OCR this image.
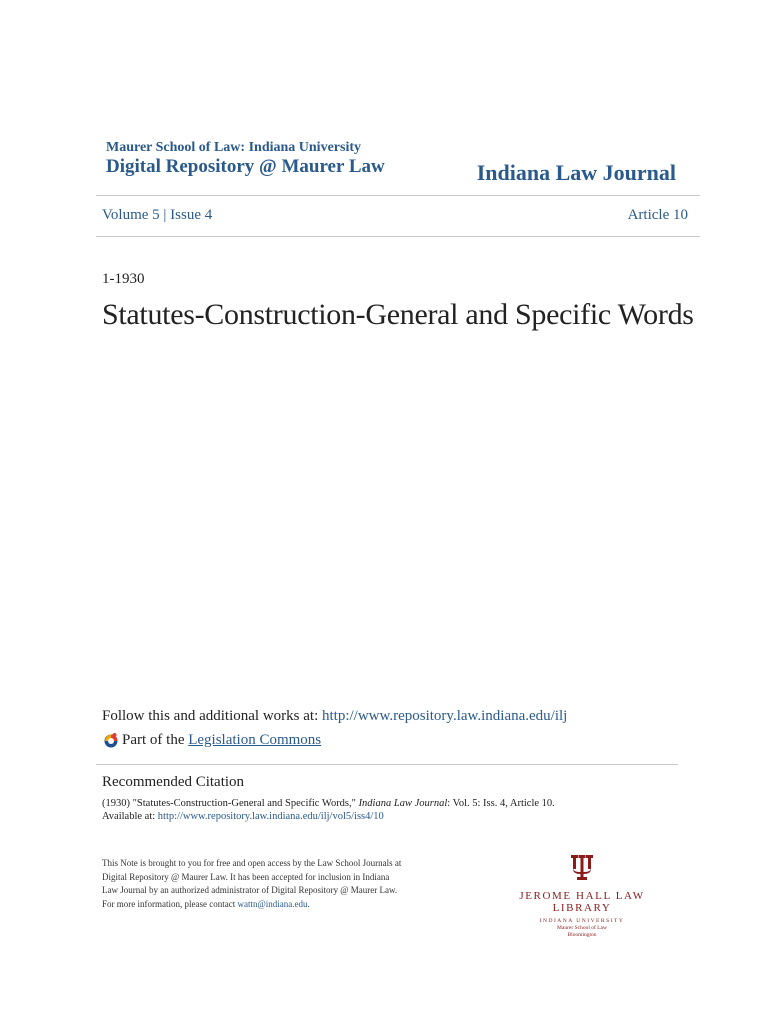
Maurer School of Law: Indiana University
Digital Repository @ Maurer Law	Indiana Law Journal
Volume 5 | Issue 4	Article 10
1-1930
Statutes-Construction-General and Specific Words
Follow this and additional works at: http://www.repository.law.indiana.edu/ilj
Part of the
Legislation Commons
Recommended Citation
(1930) "Statutes-Construction-General and Specific Words," Indiana Law Journal: Vol. 5: Iss. 4, Article 10.
Available at: http://www.repository.law.indiana.edu/ilj/vol5/iss4/10
This Note is brought to you for free and open access by the Law School Journals at Digital Repository @ Maurer Law. It has been accepted for inclusion in Indiana Law Journal by an authorized administrator of Digital Repository @ Maurer Law. For more information, please contact wattn@indiana.edu.
JEROME HALL LAW LIBRARY
INDIANA UNIVERSITY
Maurer School of Law
Bloomington
